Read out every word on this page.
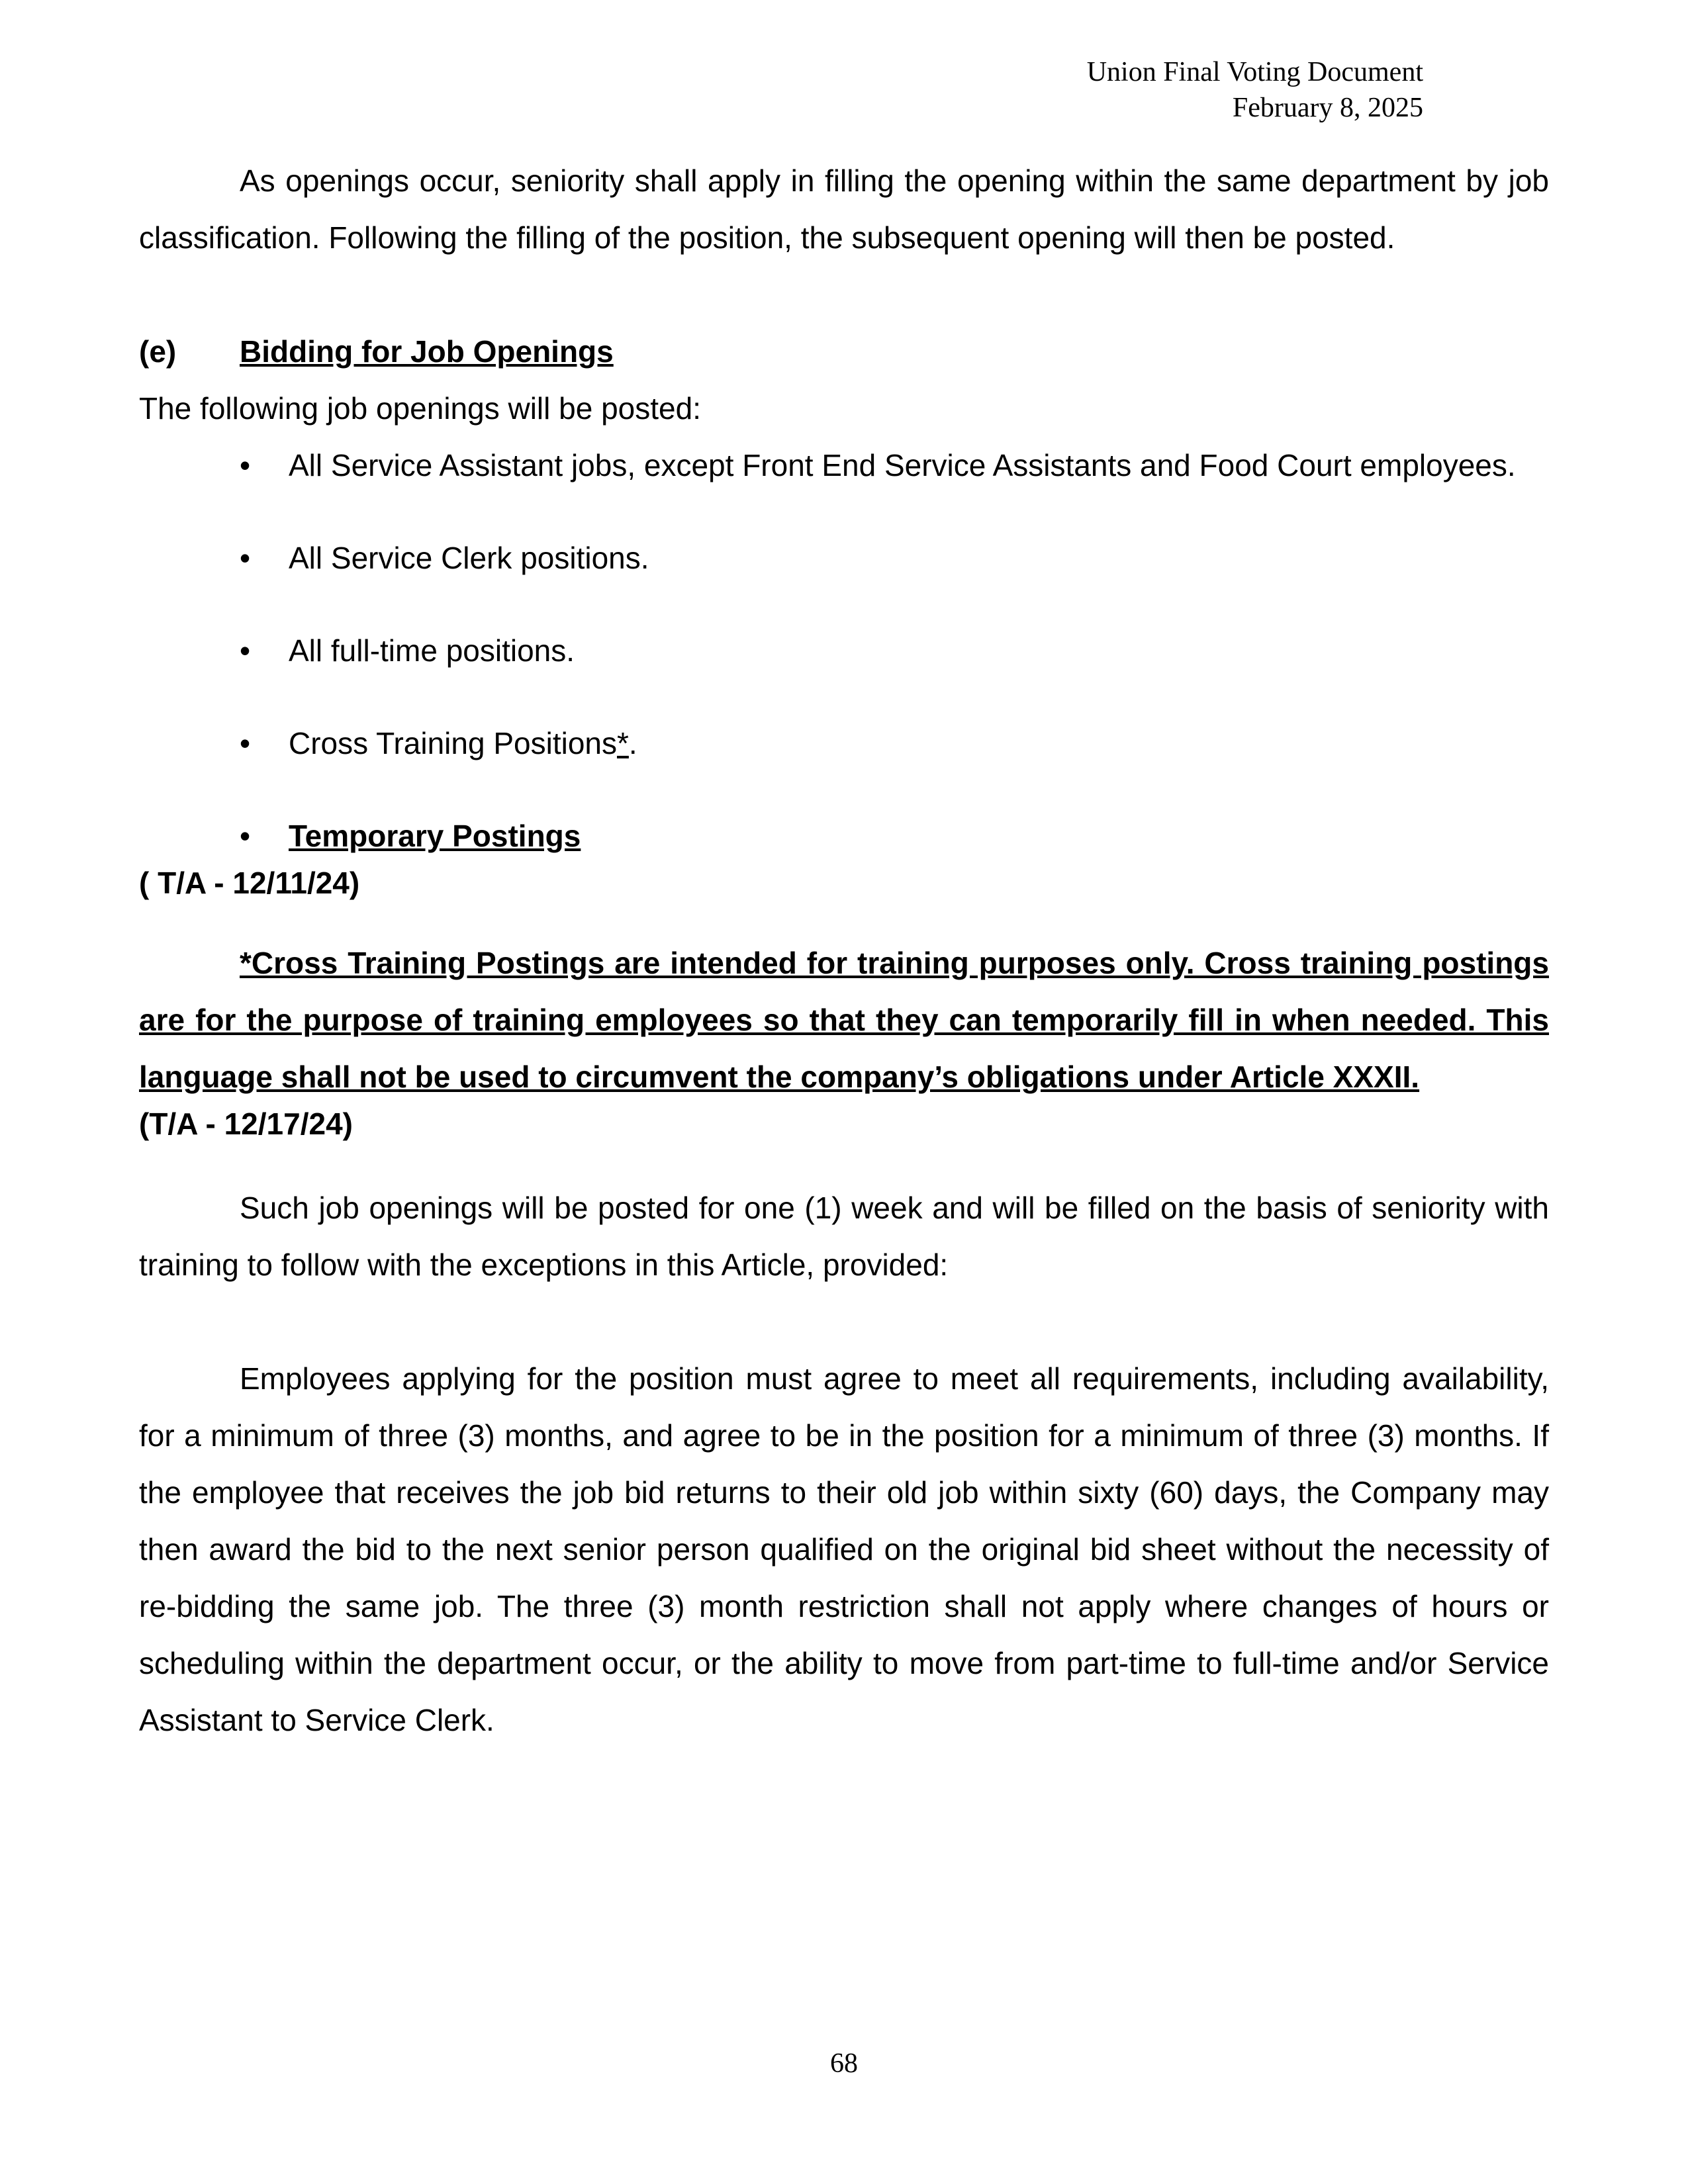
Union Final Voting Document
February 8, 2025

As openings occur, seniority shall apply in filling the opening within the same department by job classification. Following the filling of the position, the subsequent opening will then be posted.

(e) Bidding for Job Openings

The following job openings will be posted:

• All Service Assistant jobs, except Front End Service Assistants and Food Court employees.
• All Service Clerk positions.
• All full-time positions.
• Cross Training Positions*.
• Temporary Postings

( T/A - 12/11/24)

*Cross Training Postings are intended for training purposes only. Cross training postings are for the purpose of training employees so that they can temporarily fill in when needed. This language shall not be used to circumvent the company’s obligations under Article XXXII.

(T/A - 12/17/24)

Such job openings will be posted for one (1) week and will be filled on the basis of seniority with training to follow with the exceptions in this Article, provided:

Employees applying for the position must agree to meet all requirements, including availability, for a minimum of three (3) months, and agree to be in the position for a minimum of three (3) months. If the employee that receives the job bid returns to their old job within sixty (60) days, the Company may then award the bid to the next senior person qualified on the original bid sheet without the necessity of re-bidding the same job. The three (3) month restriction shall not apply where changes of hours or scheduling within the department occur, or the ability to move from part-time to full-time and/or Service Assistant to Service Clerk.

68
